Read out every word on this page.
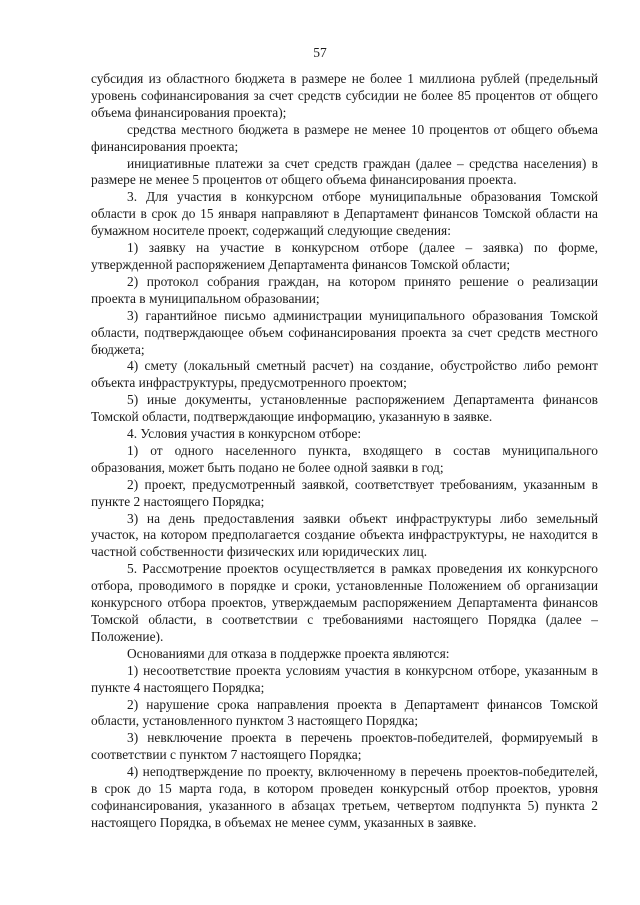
57

субсидия из областного бюджета в размере не более 1 миллиона рублей (предельный уровень софинансирования за счет средств субсидии не более 85 процентов от общего объема финансирования проекта);

средства местного бюджета в размере не менее 10 процентов от общего объема финансирования проекта;

инициативные платежи за счет средств граждан (далее – средства населения) в размере не менее 5 процентов от общего объема финансирования проекта.

3. Для участия в конкурсном отборе муниципальные образования Томской области в срок до 15 января направляют в Департамент финансов Томской области на бумажном носителе проект, содержащий следующие сведения:

1) заявку на участие в конкурсном отборе (далее – заявка) по форме, утвержденной распоряжением Департамента финансов Томской области;

2) протокол собрания граждан, на котором принято решение о реализации проекта в муниципальном образовании;

3) гарантийное письмо администрации муниципального образования Томской области, подтверждающее объем софинансирования проекта за счет средств местного бюджета;

4) смету (локальный сметный расчет) на создание, обустройство либо ремонт объекта инфраструктуры, предусмотренного проектом;

5) иные документы, установленные распоряжением Департамента финансов Томской области, подтверждающие информацию, указанную в заявке.

4. Условия участия в конкурсном отборе:

1) от одного населенного пункта, входящего в состав муниципального образования, может быть подано не более одной заявки в год;

2) проект, предусмотренный заявкой, соответствует требованиям, указанным в пункте 2 настоящего Порядка;

3) на день предоставления заявки объект инфраструктуры либо земельный участок, на котором предполагается создание объекта инфраструктуры, не находится в частной собственности физических или юридических лиц.

5. Рассмотрение проектов осуществляется в рамках проведения их конкурсного отбора, проводимого в порядке и сроки, установленные Положением об организации конкурсного отбора проектов, утверждаемым распоряжением Департамента финансов Томской области, в соответствии с требованиями настоящего Порядка (далее – Положение).

Основаниями для отказа в поддержке проекта являются:

1) несоответствие проекта условиям участия в конкурсном отборе, указанным в пункте 4 настоящего Порядка;

2) нарушение срока направления проекта в Департамент финансов Томской области, установленного пунктом 3 настоящего Порядка;

3) невключение проекта в перечень проектов-победителей, формируемый в соответствии с пунктом 7 настоящего Порядка;

4) неподтверждение по проекту, включенному в перечень проектов-победителей, в срок до 15 марта года, в котором проведен конкурсный отбор проектов, уровня софинансирования, указанного в абзацах третьем, четвертом подпункта 5) пункта 2 настоящего Порядка, в объемах не менее сумм, указанных в заявке.
